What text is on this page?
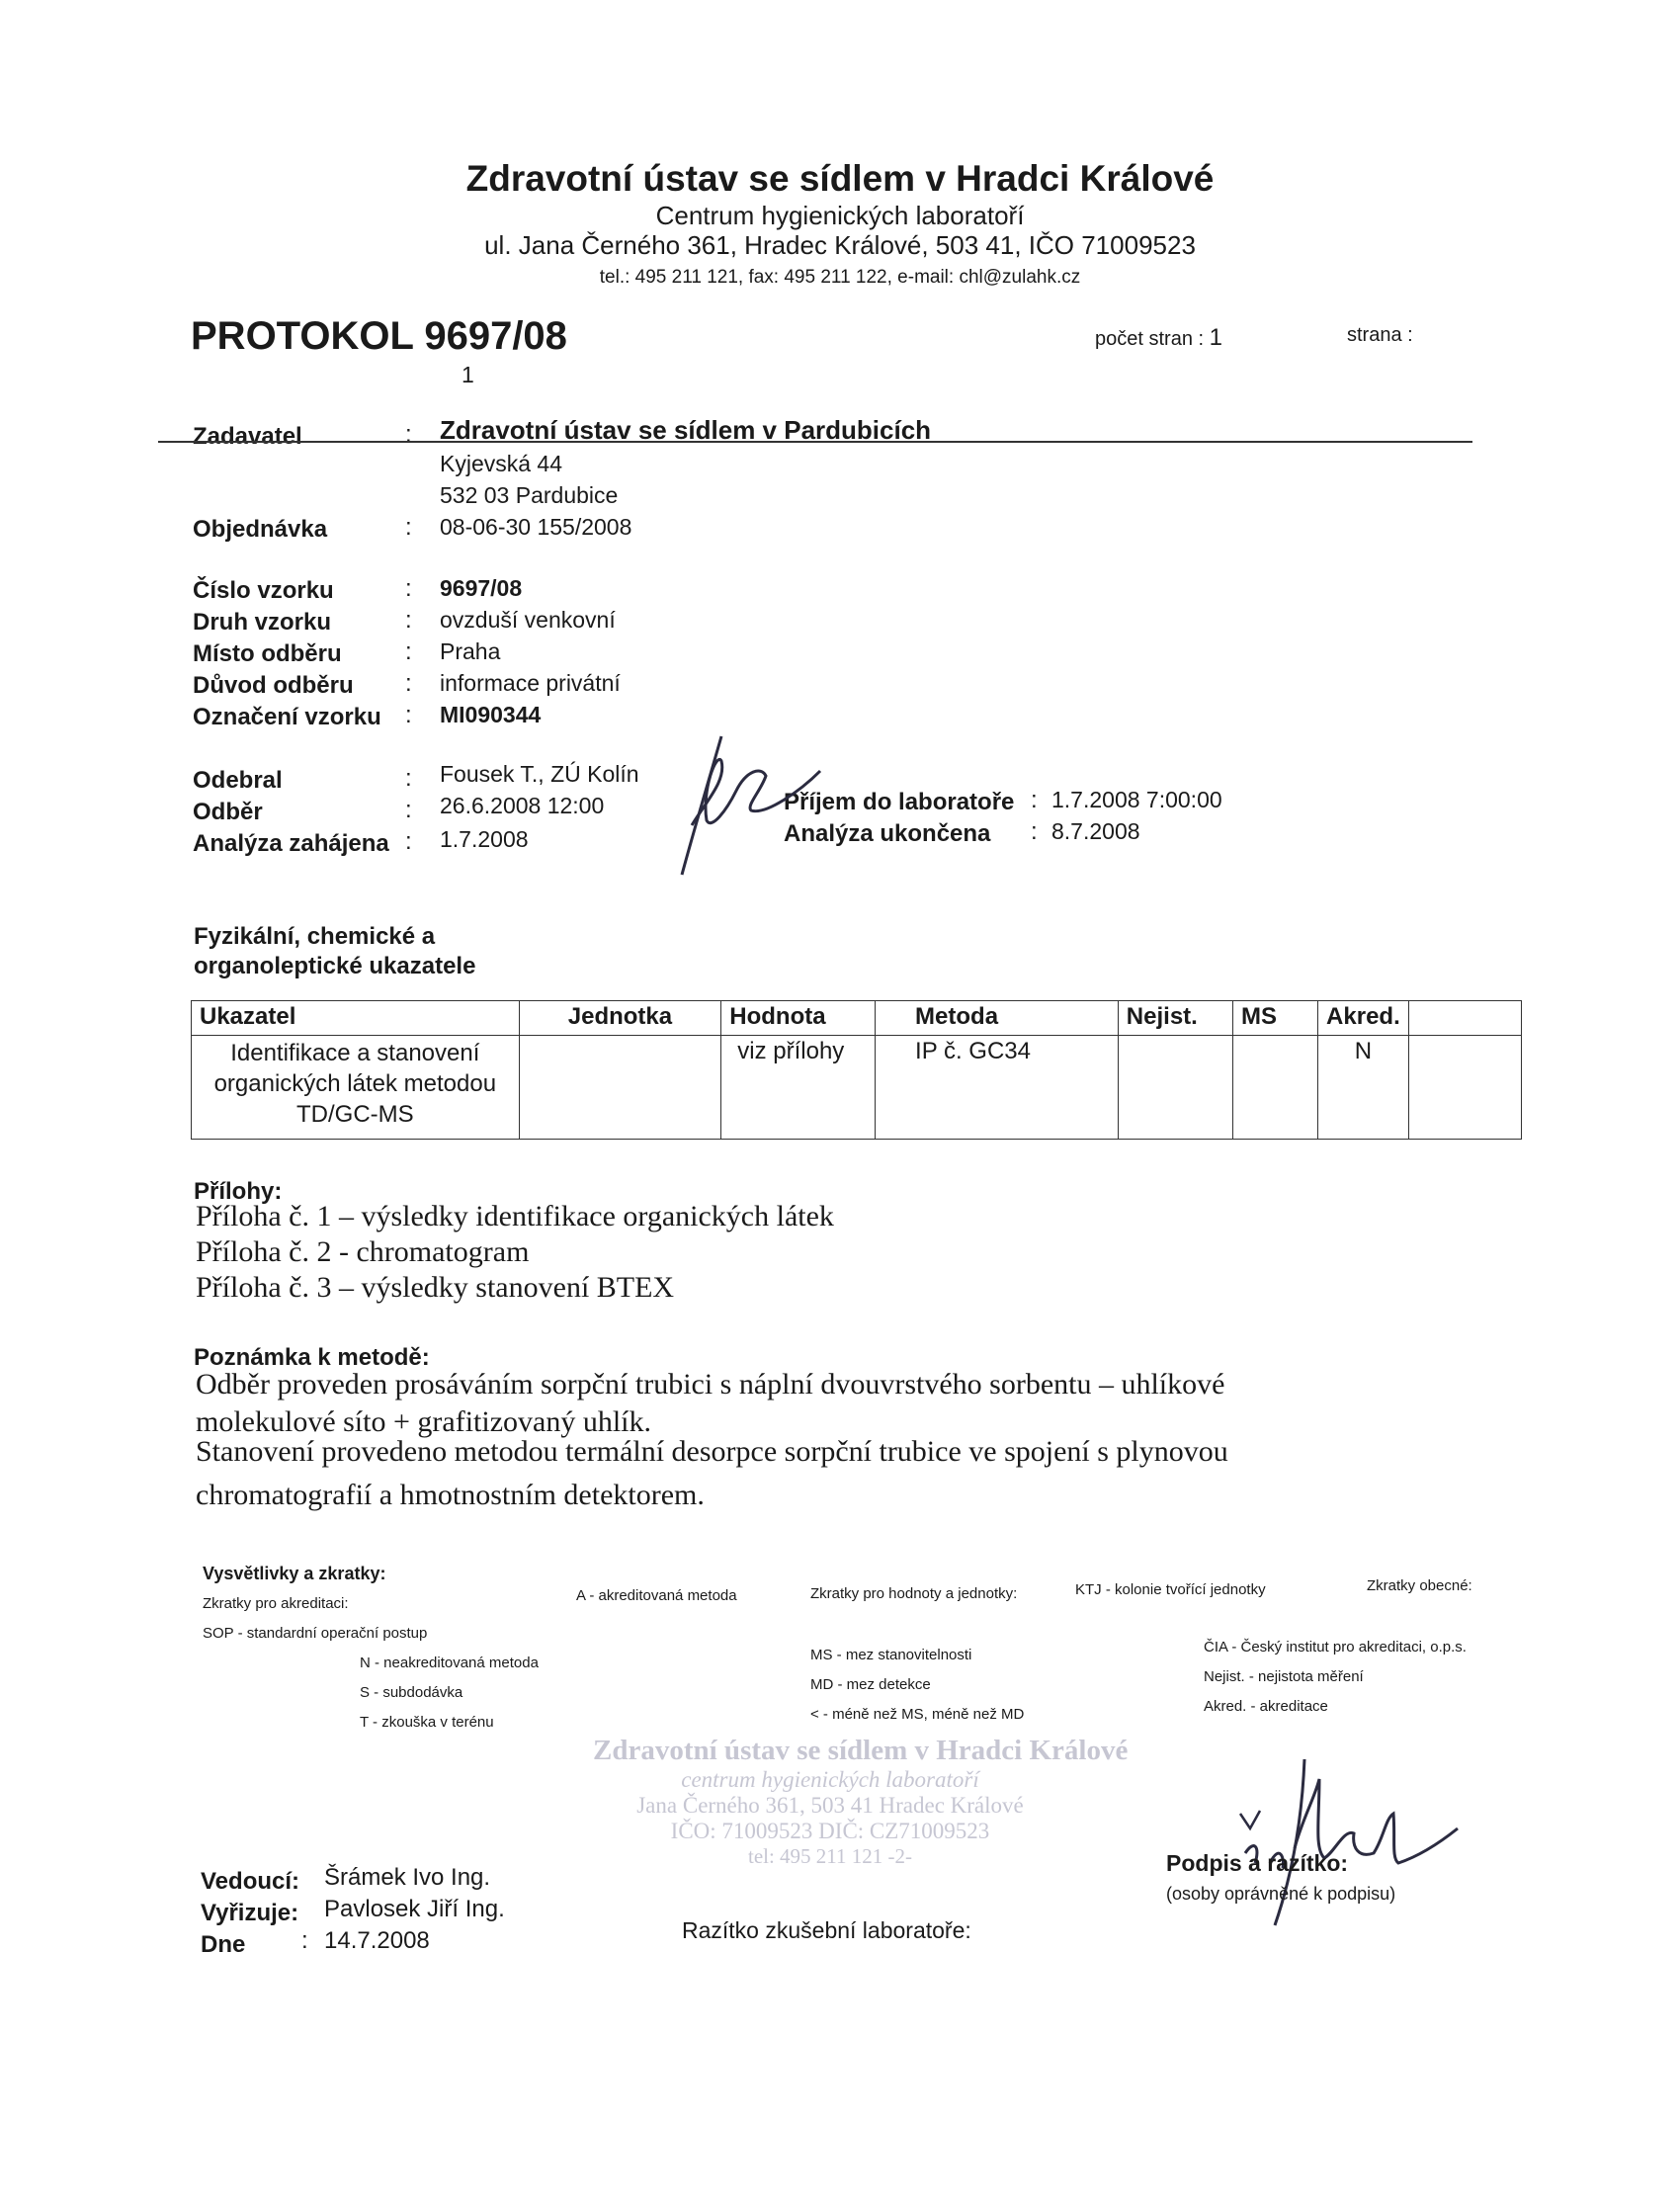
Zdravotní ústav se sídlem v Hradci Králové
Centrum hygienických laboratoří
ul. Jana Černého 361, Hradec Králové, 503 41, IČO 71009523
tel.: 495 211 121, fax: 495 211 122, e-mail: chl@zulahk.cz
PROTOKOL 9697/08	počet stran : 1	strana :
1
Zadavatel	: Zdravotní ústav se sídlem v Pardubicích
Kyjevská 44
532 03 Pardubice
Objednávka	: 08-06-30 155/2008
Číslo vzorku	: 9697/08
Druh vzorku	: ovzduší venkovní
Místo odběru	: Praha
Důvod odběru : informace privátní
Označení vzorku : MI090344
Odebral	: Fousek T., ZÚ Kolín
Odběr	: 26.6.2008 12:00
Analýza zahájena : 1.7.2008
Příjem do laboratoře : 1.7.2008 7:00:00
Analýza ukončena : 8.7.2008
Fyzikální, chemické a
organoleptické ukazatele
Ukazatel	Jednotka	Hodnota	Metoda	Nejist.	MS	Akred.	

Identifikace a stanovení
organických látek metodou
TD/GC-MS		viz přílohy	IP č. GC34			N	
Přílohy:
Příloha č. 1 – výsledky identifikace organických látek
Příloha č. 2 - chromatogram
Příloha č. 3 – výsledky stanovení BTEX
Poznámka k metodě:
Odběr proveden prosáváním sorpční trubici s náplní dvouvrstvého sorbentu – uhlíkové
molekulové síto + grafitizovaný uhlík.
Stanovení provedeno metodou termální desorpce sorpční trubice ve spojení s plynovou
chromatografií a hmotnostním detektorem.
Vysvětlivky a zkratky:
Zkratky pro akreditaci:	A - akreditovaná metoda	Zkratky pro hodnoty a jednotky:	KTJ - kolonie tvořící jednotky	Zkratky obecné:
SOP - standardní operační postup
N - neakreditovaná metoda
S - subdodávka
T - zkouška v terénu
MS - mez stanovitelnosti
MD - mez detekce
< - méně než MS, méně než MD
ČIA - Český institut pro akreditaci, o.p.s.
Nejist. - nejistota měření
Akred. - akreditace
Zdravotní ústav se sídlem v Hradci Králové
centrum hygienických laboratoří
Jana Černého 361, 503 41 Hradec Králové
IČO: 71009523 DIČ: CZ71009523
tel: 495 211 121 -2-
Vedoucí: Šrámek Ivo Ing.
Vyřizuje: Pavlosek Jiří Ing.
Dne : 14.7.2008	Razítko zkušební laboratoře:
Podpis a razítko:
(osoby oprávněné k podpisu)
